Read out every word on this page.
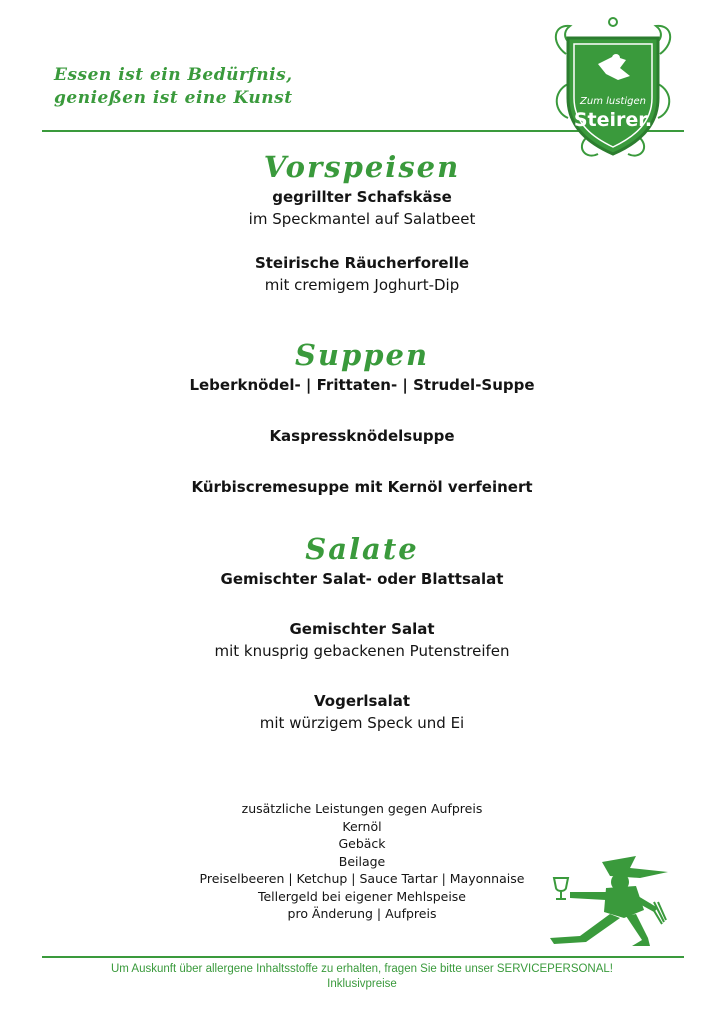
Essen ist ein Bedürfnis,
genießen ist eine Kunst	Zum lustigen
Steirer.
Vorspeisen
gegrillter Schafskäse
im Speckmantel auf Salatbeet
Steirische Räucherforelle
mit cremigem Joghurt-Dip
Suppen
Leberknödel- | Frittaten- | Strudel-Suppe
Kaspressknödelsuppe
Kürbiscremesuppe mit Kernöl verfeinert
Salate
Gemischter Salat- oder Blattsalat
Gemischter Salat
mit knusprig gebackenen Putenstreifen
Vogerlsalat
mit würzigem Speck und Ei
zusätzliche Leistungen gegen Aufpreis
Kernöl
Gebäck
Beilage
Preiselbeeren | Ketchup | Sauce Tartar | Mayonnaise
Tellergeld bei eigener Mehlspeise
pro Änderung | Aufpreis
Um Auskunft über allergene Inhaltsstoffe zu erhalten, fragen Sie bitte unser SERVICEPERSONAL!
Inklusivpreise
